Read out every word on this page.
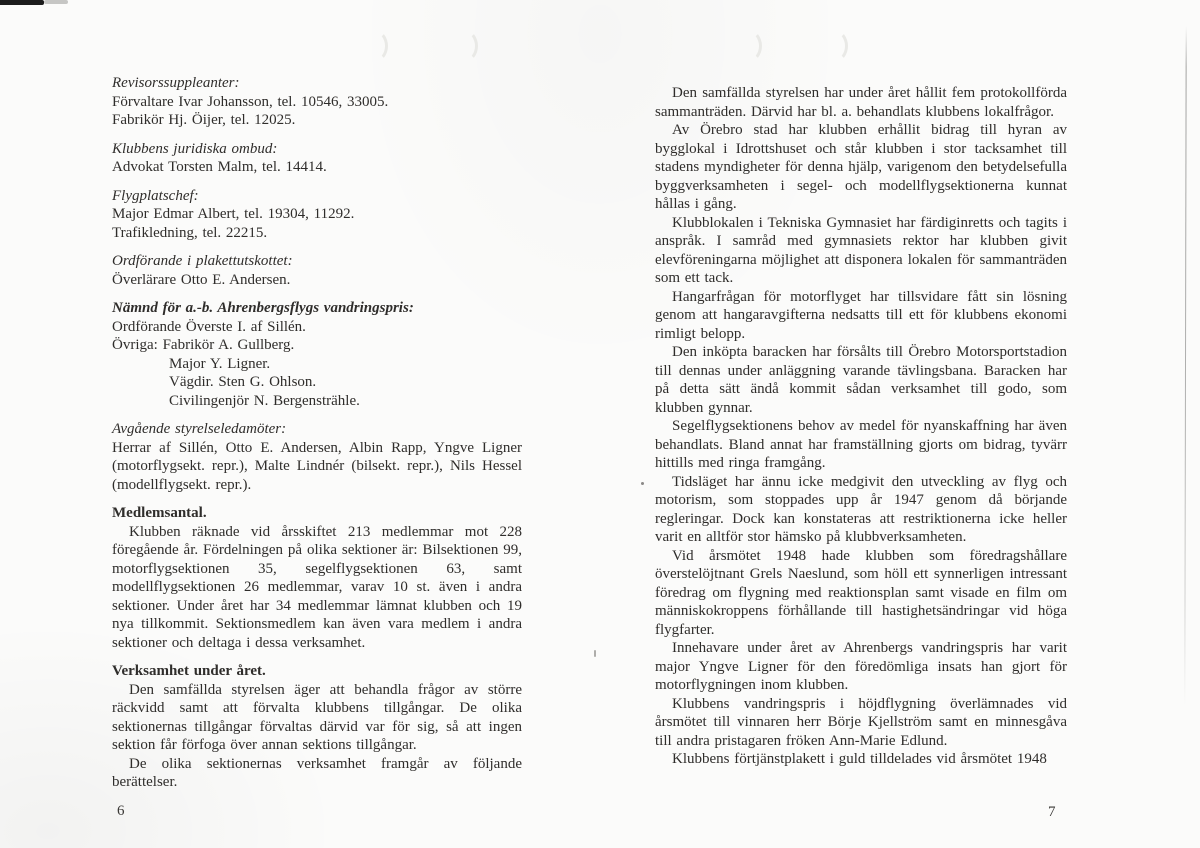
Revisorssuppleanter:
Förvaltare Ivar Johansson, tel. 10546, 33005.
Fabrikör Hj. Öijer, tel. 12025.
Klubbens juridiska ombud:
Advokat Torsten Malm, tel. 14414.
Flygplatschef:
Major Edmar Albert, tel. 19304, 11292.
Trafikledning, tel. 22215.
Ordförande i plakettutskottet:
Överlärare Otto E. Andersen.
Nämnd för a.-b. Ahrenbergsflygs vandringspris:
Ordförande Överste I. af Sillén.
Övriga: Fabrikör A. Gullberg.
Major Y. Ligner.
Vägdir. Sten G. Ohlson.
Civilingenjör N. Bergensträhle.
Avgående styrelseledamöter:

Herrar af Sillén, Otto E. Andersen, Albin Rapp, Yngve Ligner (motorflygsekt. repr.), Malte Lindnér (bilsekt. repr.), Nils Hessel (modellflygsekt. repr.).

Medlemsantal.

Klubben räknade vid årsskiftet 213 medlemmar mot 228 föregående år. Fördelningen på olika sektioner är: Bilsektionen 99, motorflygsektionen 35, segelflygsektionen 63, samt modellflygsektionen 26 medlemmar, varav 10 st. även i andra sektioner. Under året har 34 medlemmar lämnat klubben och 19 nya tillkommit. Sektionsmedlem kan även vara medlem i andra sektioner och deltaga i dessa verksamhet.

Verksamhet under året.

Den samfällda styrelsen äger att behandla frågor av större räckvidd samt att förvalta klubbens tillgångar. De olika sektionernas tillgångar förvaltas därvid var för sig, så att ingen sektion får förfoga över annan sektions tillgångar.

De olika sektionernas verksamhet framgår av följande berättelser.

Den samfällda styrelsen har under året hållit fem protokollförda sammanträden. Därvid har bl. a. behandlats klubbens lokalfrågor.

Av Örebro stad har klubben erhållit bidrag till hyran av bygglokal i Idrottshuset och står klubben i stor tacksamhet till stadens myndigheter för denna hjälp, varigenom den betydelsefulla byggverksamheten i segel- och modellflygsektionerna kunnat hållas i gång.

Klubblokalen i Tekniska Gymnasiet har färdiginretts och tagits i anspråk. I samråd med gymnasiets rektor har klubben givit elevföreningarna möjlighet att disponera lokalen för sammanträden som ett tack.

Hangarfrågan för motorflyget har tillsvidare fått sin lösning genom att hangaravgifterna nedsatts till ett för klubbens ekonomi rimligt belopp.

Den inköpta baracken har försålts till Örebro Motorsportstadion till dennas under anläggning varande tävlingsbana. Baracken har på detta sätt ändå kommit sådan verksamhet till godo, som klubben gynnar.

Segelflygsektionens behov av medel för nyanskaffning har även behandlats. Bland annat har framställning gjorts om bidrag, tyvärr hittills med ringa framgång.

Tidsläget har ännu icke medgivit den utveckling av flyg och motorism, som stoppades upp år 1947 genom då börjande regleringar. Dock kan konstateras att restriktionerna icke heller varit en alltför stor hämsko på klubbverksamheten.

Vid årsmötet 1948 hade klubben som föredragshållare överstelöjtnant Grels Naeslund, som höll ett synnerligen intressant föredrag om flygning med reaktionsplan samt visade en film om människokroppens förhållande till hastighetsändringar vid höga flygfarter.

Innehavare under året av Ahrenbergs vandringspris har varit major Yngve Ligner för den föredömliga insats han gjort för motorflygningen inom klubben.

Klubbens vandringspris i höjdflygning överlämnades vid årsmötet till vinnaren herr Börje Kjellström samt en minnesgåva till andra pristagaren fröken Ann-Marie Edlund.

Klubbens förtjänstplakett i guld tilldelades vid årsmötet 1948

6	7
